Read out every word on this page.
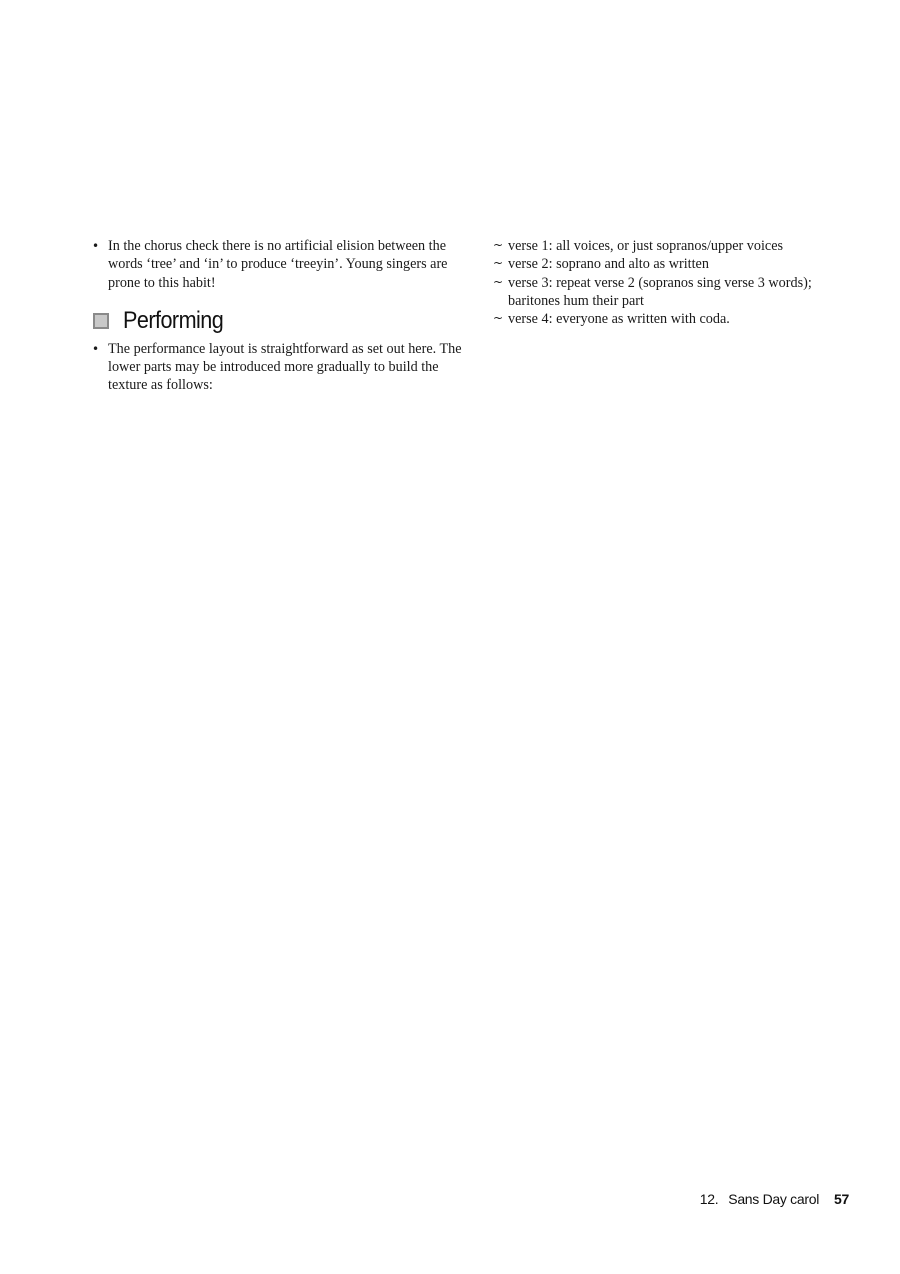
• In the chorus check there is no artificial elision between the words ‘tree’ and ‘in’ to produce ‘treeyin’. Young singers are prone to this habit!

Performing

• The performance layout is straightforward as set out here. The lower parts may be introduced more gradually to build the texture as follows:

~ verse 1: all voices, or just sopranos/upper voices
~ verse 2: soprano and alto as written
~ verse 3: repeat verse 2 (sopranos sing verse 3 words); baritones hum their part
~ verse 4: everyone as written with coda.
12. Sans Day carol 57
